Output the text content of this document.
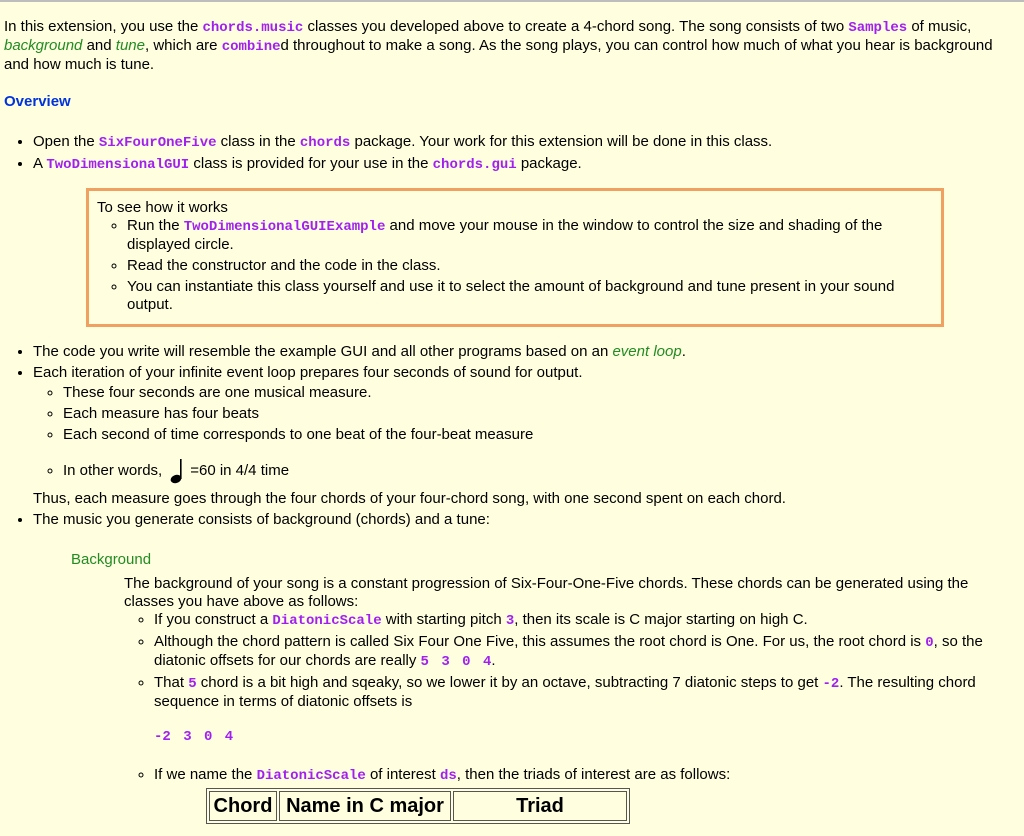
In this extension, you use the chords.music classes you developed above to create a 4-chord song. The song consists of two Samples of music, background and tune, which are combined throughout to make a song. As the song plays, you can control how much of what you hear is background and how much is tune.

Overview
• Open the SixFourOneFive class in the chords package. Your work for this extension will be done in this class.
• A TwoDimensionalGUI class is provided for your use in the chords.gui package.
To see how it works
◦ Run the TwoDimensionalGUIExample and move your mouse in the window to control the size and shading of the displayed circle.
◦ Read the constructor and the code in the class.
◦ You can instantiate this class yourself and use it to select the amount of background and tune present in your sound output.
• The code you write will resemble the example GUI and all other programs based on an event loop.
• Each iteration of your infinite event loop prepares four seconds of sound for output.
◦ These four seconds are one musical measure.
◦ Each measure has four beats
◦ Each second of time corresponds to one beat of the four-beat measure
◦ In other words, =60 in 4/4 time
Thus, each measure goes through the four chords of your four-chord song, with one second spent on each chord.
• The music you generate consists of background (chords) and a tune:
Background
The background of your song is a constant progression of Six-Four-One-Five chords. These chords can be generated using the classes you have above as follows:
◦ If you construct a DiatonicScale with starting pitch 3, then its scale is C major starting on high C.
◦ Although the chord pattern is called Six Four One Five, this assumes the root chord is One. For us, the root chord is 0, so the diatonic offsets for our chords are really 5 3 0 4.
◦ That 5 chord is a bit high and sqeaky, so we lower it by an octave, subtracting 7 diatonic steps to get -2. The resulting chord sequence in terms of diatonic offsets is
-2 3 0 4
◦ If we name the DiatonicScale of interest ds, then the triads of interest are as follows:
Chord	Name in C major	Triad
